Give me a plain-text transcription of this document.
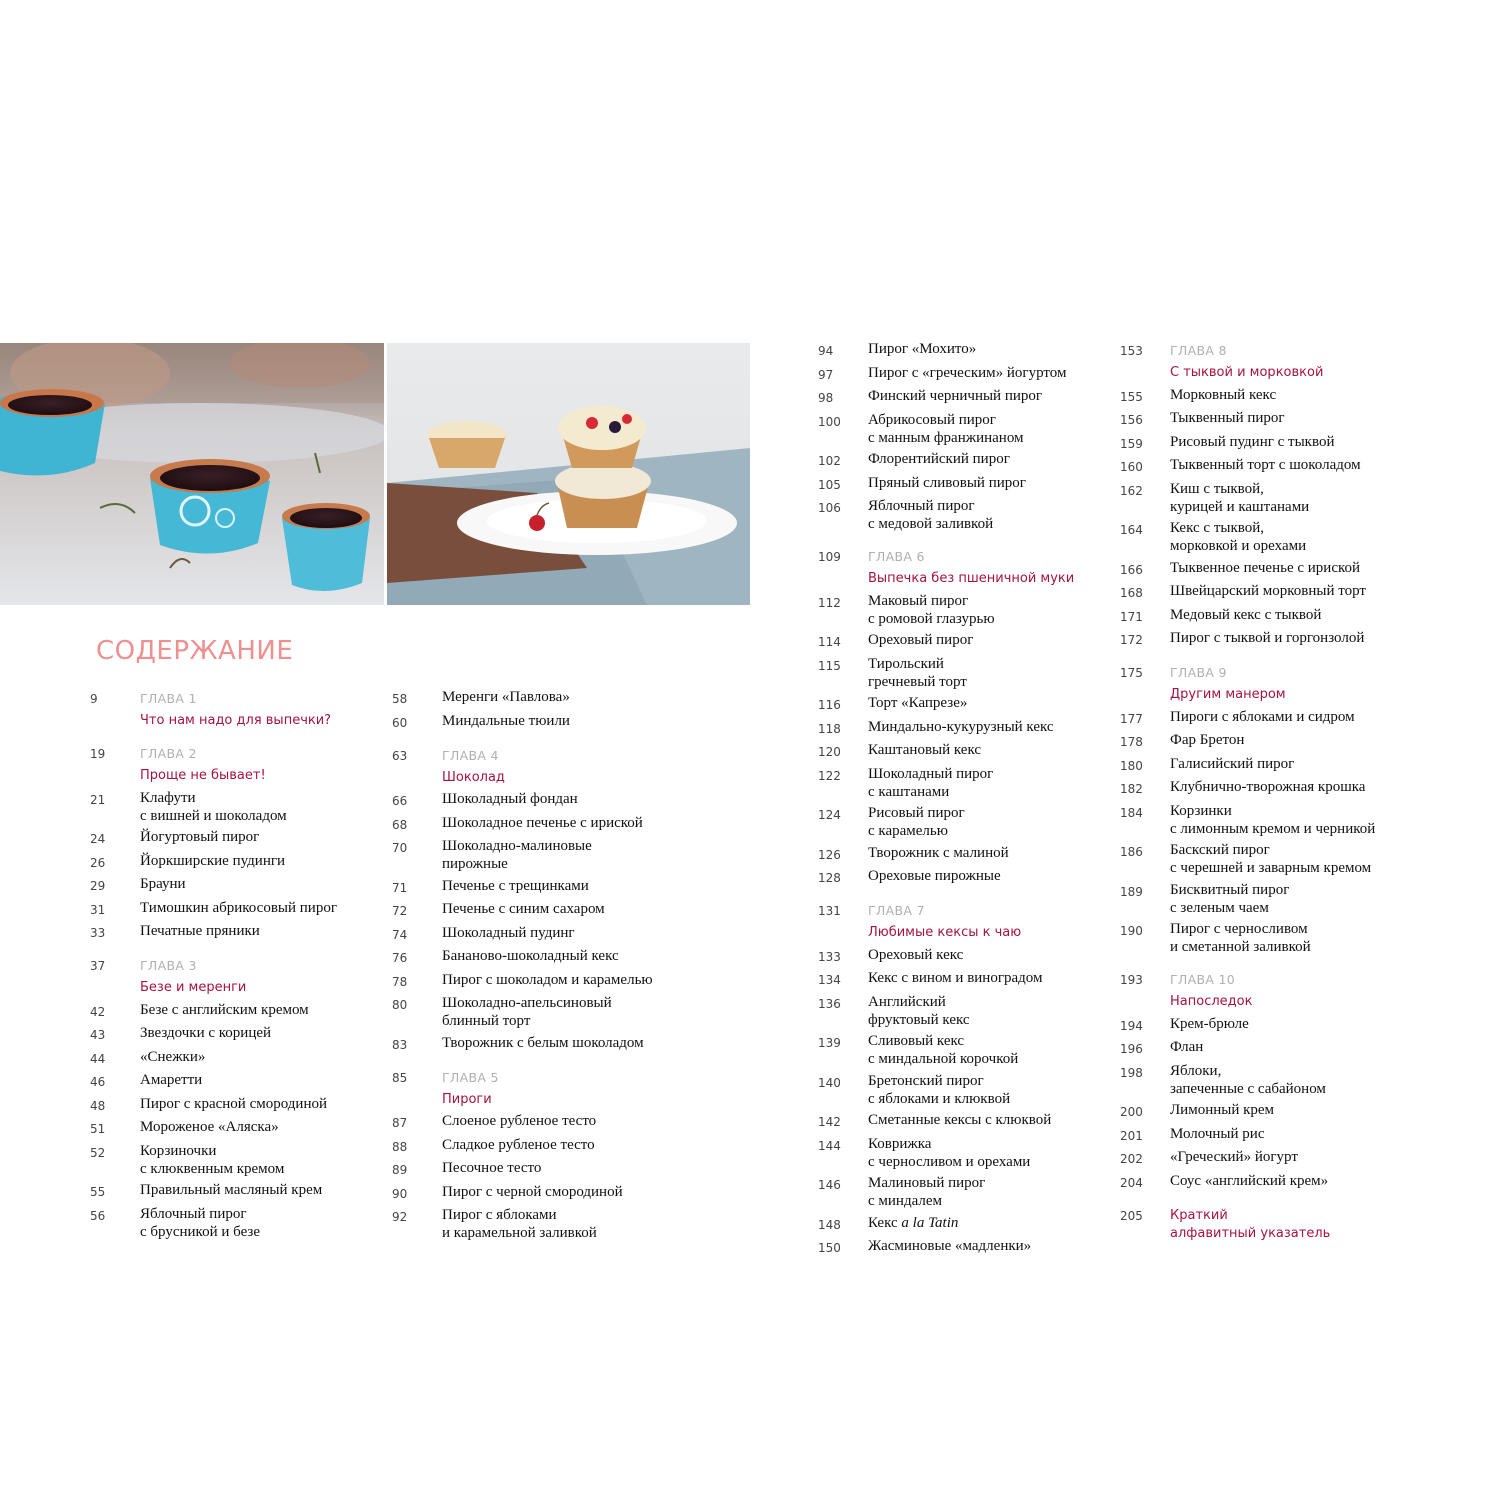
СОДЕРЖАНИЕ
9	ГЛАВА 1
Что нам надо для выпечки?
19	ГЛАВА 2
Проще не бывает!
21	Клафути
с вишней и шоколадом
24	Йогуртовый пирог
26	Йоркширские пудинги
29	Брауни
31	Тимошкин абрикосовый пирог
33	Печатные пряники
37	ГЛАВА 3
Безе и меренги
42	Безе с английским кремом
43	Звездочки с корицей
44	«Снежки»
46	Амаретти
48	Пирог с красной смородиной
51	Мороженое «Аляска»
52	Корзиночки
с клюквенным кремом
55	Правильный масляный крем
56	Яблочный пирог
с брусникой и безе
58	Меренги «Павлова»
60	Миндальные тюили
63	ГЛАВА 4
Шоколад
66	Шоколадный фондан
68	Шоколадное печенье с ириской
70	Шоколадно-малиновые
пирожные
71	Печенье с трещинками
72	Печенье с синим сахаром
74	Шоколадный пудинг
76	Бананово-шоколадный кекс
78	Пирог с шоколадом и карамелью
80	Шоколадно-апельсиновый
блинный торт
83	Творожник с белым шоколадом
85	ГЛАВА 5
Пироги
87	Слоеное рубленое тесто
88	Сладкое рубленое тесто
89	Песочное тесто
90	Пирог с черной смородиной
92	Пирог с яблоками
и карамельной заливкой
94	Пирог «Мохито»
97	Пирог с «греческим» йогуртом
98	Финский черничный пирог
100	Абрикосовый пирог
с манным франжинаном
102	Флорентийский пирог
105	Пряный сливовый пирог
106	Яблочный пирог
с медовой заливкой
109	ГЛАВА 6
Выпечка без пшеничной муки
112	Маковый пирог
с ромовой глазурью
114	Ореховый пирог
115	Тирольский
гречневый торт
116	Торт «Капрезе»
118	Миндально-кукурузный кекс
120	Каштановый кекс
122	Шоколадный пирог
с каштанами
124	Рисовый пирог
с карамелью
126	Творожник с малиной
128	Ореховые пирожные
131	ГЛАВА 7
Любимые кексы к чаю
133	Ореховый кекс
134	Кекс с вином и виноградом
136	Английский
фруктовый кекс
139	Сливовый кекс
с миндальной корочкой
140	Бретонский пирог
с яблоками и клюквой
142	Сметанные кексы с клюквой
144	Коврижка
с черносливом и орехами
146	Малиновый пирог
с миндалем
148	Кекс a la Tatin
150	Жасминовые «мадленки»
153	ГЛАВА 8
С тыквой и морковкой
155	Морковный кекс
156	Тыквенный пирог
159	Рисовый пудинг с тыквой
160	Тыквенный торт с шоколадом
162	Киш с тыквой,
курицей и каштанами
164	Кекс с тыквой,
морковкой и орехами
166	Тыквенное печенье с ириской
168	Швейцарский морковный торт
171	Медовый кекс с тыквой
172	Пирог с тыквой и горгонзолой
175	ГЛАВА 9
Другим манером
177	Пироги с яблоками и сидром
178	Фар Бретон
180	Галисийский пирог
182	Клубнично-творожная крошка
184	Корзинки
с лимонным кремом и черникой
186	Баскский пирог
с черешней и заварным кремом
189	Бисквитный пирог
с зеленым чаем
190	Пирог с черносливом
и сметанной заливкой
193	ГЛАВА 10
Напоследок
194	Крем-брюле
196	Флан
198	Яблоки,
запеченные с сабайоном
200	Лимонный крем
201	Молочный рис
202	«Греческий» йогурт
204	Соус «английский крем»
205	Краткий
алфавитный указатель
